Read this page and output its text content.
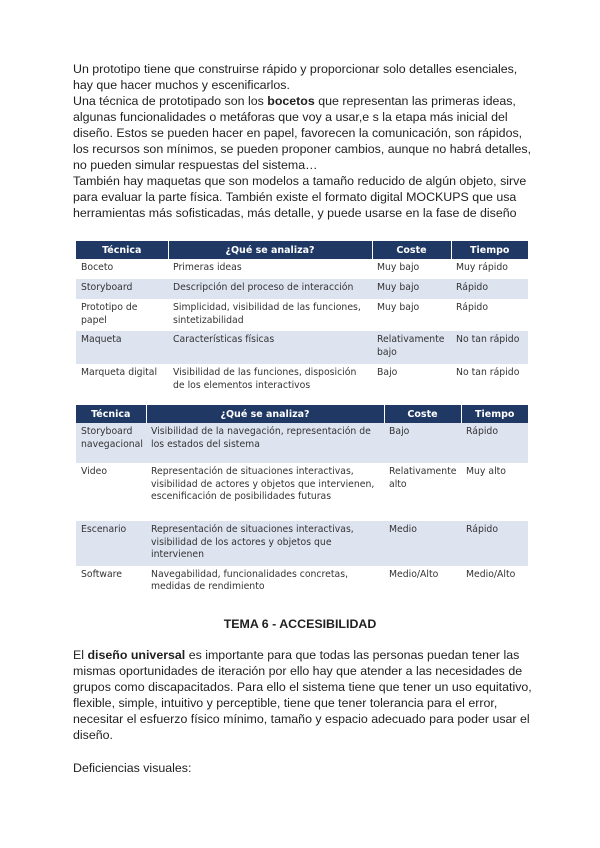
Un prototipo tiene que construirse rápido y proporcionar solo detalles esenciales,
hay que hacer muchos y escenificarlos.
Una técnica de prototipado son los bocetos que representan las primeras ideas,
algunas funcionalidades o metáforas que voy a usar,e s la etapa más inicial del
diseño. Estos se pueden hacer en papel, favorecen la comunicación, son rápidos,
los recursos son mínimos, se pueden proponer cambios, aunque no habrá detalles,
no pueden simular respuestas del sistema…
También hay maquetas que son modelos a tamaño reducido de algún objeto, sirve
para evaluar la parte física. También existe el formato digital MOCKUPS que usa
herramientas más sofisticadas, más detalle, y puede usarse en la fase de diseño
Técnica	¿Qué se analiza?	Coste	Tiempo
Boceto	Primeras ideas	Muy bajo	Muy rápido
Storyboard	Descripción del proceso de interacción	Muy bajo	Rápido
Prototipo de papel	Simplicidad, visibilidad de las funciones, sintetizabilidad	Muy bajo	Rápido
Maqueta	Características físicas	Relativamente bajo	No tan rápido
Marqueta digital	Visibilidad de las funciones, disposición de los elementos interactivos	Bajo	No tan rápido
Técnica	¿Qué se analiza?	Coste	Tiempo
Storyboard navegacional	Visibilidad de la navegación, representación de los estados del sistema	Bajo	Rápido
Video	Representación de situaciones interactivas, visibilidad de actores y objetos que intervienen, escenificación de posibilidades futuras	Relativamente alto	Muy alto
Escenario	Representación de situaciones interactivas, visibilidad de los actores y objetos que intervienen	Medio	Rápido
Software	Navegabilidad, funcionalidades concretas, medidas de rendimiento	Medio/Alto	Medio/Alto
TEMA 6 - ACCESIBILIDAD
El diseño universal es importante para que todas las personas puedan tener las
mismas oportunidades de iteración por ello hay que atender a las necesidades de
grupos como discapacitados. Para ello el sistema tiene que tener un uso equitativo,
flexible, simple, intuitivo y perceptible, tiene que tener tolerancia para el error,
necesitar el esfuerzo físico mínimo, tamaño y espacio adecuado para poder usar el
diseño.
Deficiencias visuales:
